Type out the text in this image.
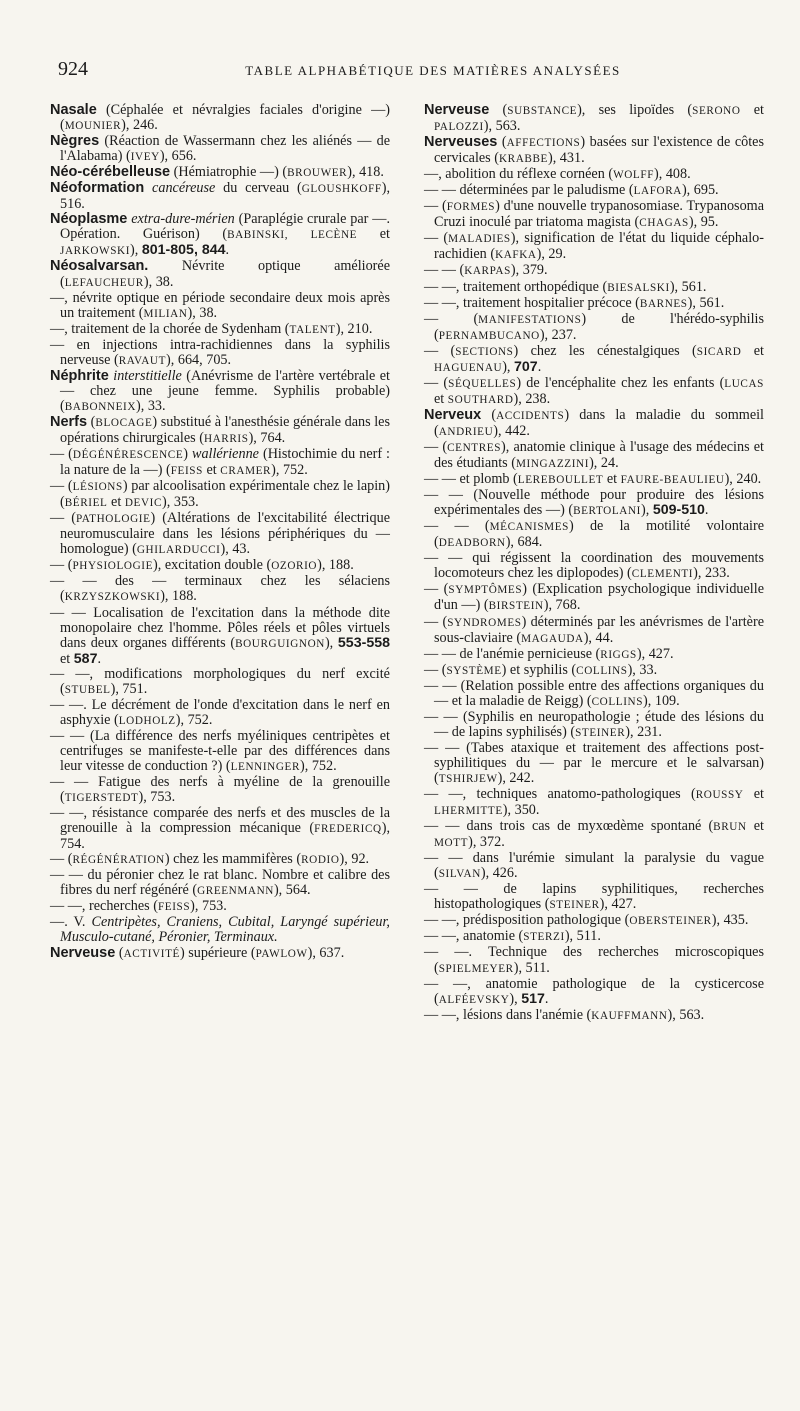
924	TABLE ALPHABÉTIQUE DES MATIÈRES ANALYSÉES

Nasale (Céphalée et névralgies faciales d'origine —) (MOUNIER), 246.

Nègres (Réaction de Wassermann chez les aliénés — de l'Alabama) (IVEY), 656.

Néo-cérébelleuse (Hémiatrophie —) (BROUWER), 418.

Néoformation cancéreuse du cerveau (GLOUSHKOFF), 516.

Néoplasme extra-dure-mérien (Paraplégie crurale par —. Opération. Guérison) (BABINSKI, LECÈNE et JARKOWSKI), 801-805, 844.

Néosalvarsan. Névrite optique améliorée (LEFAUCHEUR), 38.

—, névrite optique en période secondaire deux mois après un traitement (MILIAN), 38.

—, traitement de la chorée de Sydenham (TALENT), 210.

— en injections intra-rachidiennes dans la syphilis nerveuse (RAVAUT), 664, 705.

Néphrite interstitielle (Anévrisme de l'artère vertébrale et — chez une jeune femme. Syphilis probable) (BABONNEIX), 33.

Nerfs (BLOCAGE) substitué à l'anesthésie générale dans les opérations chirurgicales (HARRIS), 764.

— (DÉGÉNÉRESCENCE) wallérienne (Histochimie du nerf : la nature de la —) (FEISS et CRAMER), 752.

— (LÉSIONS) par alcoolisation expérimentale chez le lapin) (BÉRIEL et DEVIC), 353.

— (PATHOLOGIE) (Altérations de l'excitabilité électrique neuromusculaire dans les lésions périphériques du — homologue) (GHILARDUCCI), 43.

— (PHYSIOLOGIE), excitation double (OZORIO), 188.

— — des — terminaux chez les sélaciens (KRZYSZKOWSKI), 188.

— — Localisation de l'excitation dans la méthode dite monopolaire chez l'homme. Pôles réels et pôles virtuels dans deux organes différents (BOURGUIGNON), 553-558 et 587.

— —, modifications morphologiques du nerf excité (STUBEL), 751.

— —. Le décrément de l'onde d'excitation dans le nerf en asphyxie (LODHOLZ), 752.

— — (La différence des nerfs myéliniques centripètes et centrifuges se manifeste-t-elle par des différences dans leur vitesse de conduction ?) (LENNINGER), 752.

— — Fatigue des nerfs à myéline de la grenouille (TIGERSTEDT), 753.

— —, résistance comparée des nerfs et des muscles de la grenouille à la compression mécanique (FREDERICQ), 754.

— (RÉGÉNÉRATION) chez les mammifères (RODIO), 92.

— — du péronier chez le rat blanc. Nombre et calibre des fibres du nerf régénéré (GREENMANN), 564.

— —, recherches (FEISS), 753.

—. V. Centripètes, Craniens, Cubital, Laryngé supérieur, Musculo-cutané, Péronier, Terminaux.

Nerveuse (ACTIVITÉ) supérieure (PAWLOW), 637.

Nerveuse (SUBSTANCE), ses lipoïdes (SERONO et PALOZZI), 563.

Nerveuses (AFFECTIONS) basées sur l'existence de côtes cervicales (KRABBE), 431.

—, abolition du réflexe cornéen (WOLFF), 408.

— — déterminées par le paludisme (LAFORA), 695.

— (FORMES) d'une nouvelle trypanosomiase. Trypanosoma Cruzi inoculé par triatoma magista (CHAGAS), 95.

— (MALADIES), signification de l'état du liquide céphalo-rachidien (KAFKA), 29.

— — (KARPAS), 379.

— —, traitement orthopédique (BIESALSKI), 561.

— —, traitement hospitalier précoce (BARNES), 561.

— (MANIFESTATIONS) de l'hérédo-syphilis (PERNAMBUCANO), 237.

— (SECTIONS) chez les cénestalgiques (SICARD et HAGUENAU), 707.

— (SÉQUELLES) de l'encéphalite chez les enfants (LUCAS et SOUTHARD), 238.

Nerveux (ACCIDENTS) dans la maladie du sommeil (ANDRIEU), 442.

— (CENTRES), anatomie clinique à l'usage des médecins et des étudiants (MINGAZZINI), 24.

— — et plomb (LEREBOULLET et FAURE-BEAULIEU), 240.

— — (Nouvelle méthode pour produire des lésions expérimentales des —) (BERTOLANI), 509-510.

— — (MÉCANISMES) de la motilité volontaire (DEADBORN), 684.

— — qui régissent la coordination des mouvements locomoteurs chez les diplopodes) (CLEMENTI), 233.

— (SYMPTÔMES) (Explication psychologique individuelle d'un —) (BIRSTEIN), 768.

— (SYNDROMES) déterminés par les anévrismes de l'artère sous-claviaire (MAGAUDA), 44.

— — de l'anémie pernicieuse (RIGGS), 427.

— (SYSTÈME) et syphilis (COLLINS), 33.

— — (Relation possible entre des affections organiques du — et la maladie de Reigg) (COLLINS), 109.

— — (Syphilis en neuropathologie ; étude des lésions du — de lapins syphilisés) (STEINER), 231.

— — (Tabes ataxique et traitement des affections post-syphilitiques du — par le mercure et le salvarsan) (TSHIRJEW), 242.

— —, techniques anatomo-pathologiques (ROUSSY et LHERMITTE), 350.

— — dans trois cas de myxœdème spontané (BRUN et MOTT), 372.

— — dans l'urémie simulant la paralysie du vague (SILVAN), 426.

— — de lapins syphilitiques, recherches histopathologiques (STEINER), 427.

— —, prédisposition pathologique (OBERSTEINER), 435.

— —, anatomie (STERZI), 511.

— —. Technique des recherches microscopiques (SPIELMEYER), 511.

— —, anatomie pathologique de la cysticercose (ALFÉEVSKY), 517.

— —, lésions dans l'anémie (KAUFFMANN), 563.
